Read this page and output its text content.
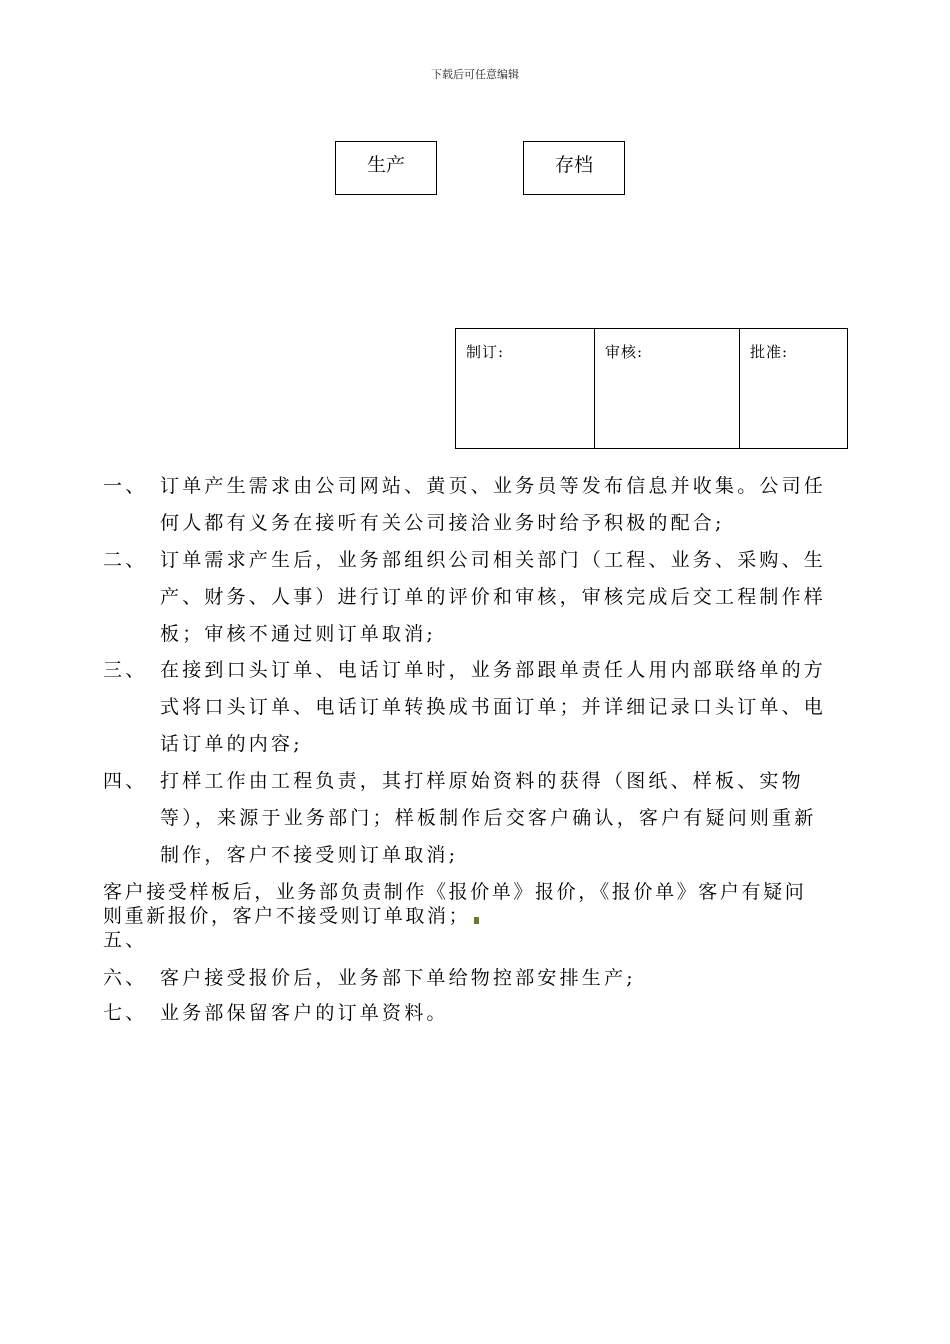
下载后可任意编辑
生产	存档
制订:	审核:	批准:
一、 订单产生需求由公司网站、黄页、业务员等发布信息并收集。公司任
何人都有义务在接听有关公司接洽业务时给予积极的配合;
二、 订单需求产生后，业务部组织公司相关部门（工程、业务、采购、生
产、财务、人事）进行订单的评价和审核，审核完成后交工程制作样
板；审核不通过则订单取消;
三、 在接到口头订单、电话订单时，业务部跟单责任人用内部联络单的方
式将口头订单、电话订单转换成书面订单；并详细记录口头订单、电
话订单的内容;
四、 打样工作由工程负责，其打样原始资料的获得（图纸、样板、实物
等），来源于业务部门；样板制作后交客户确认，客户有疑问则重新
制作，客户不接受则订单取消;
客户接受样板后，业务部负责制作《报价单》报价，《报价单》客户有疑问
则重新报价，客户不接受则订单取消；
五、
六、 客户接受报价后，业务部下单给物控部安排生产;
七、 业务部保留客户的订单资料。
